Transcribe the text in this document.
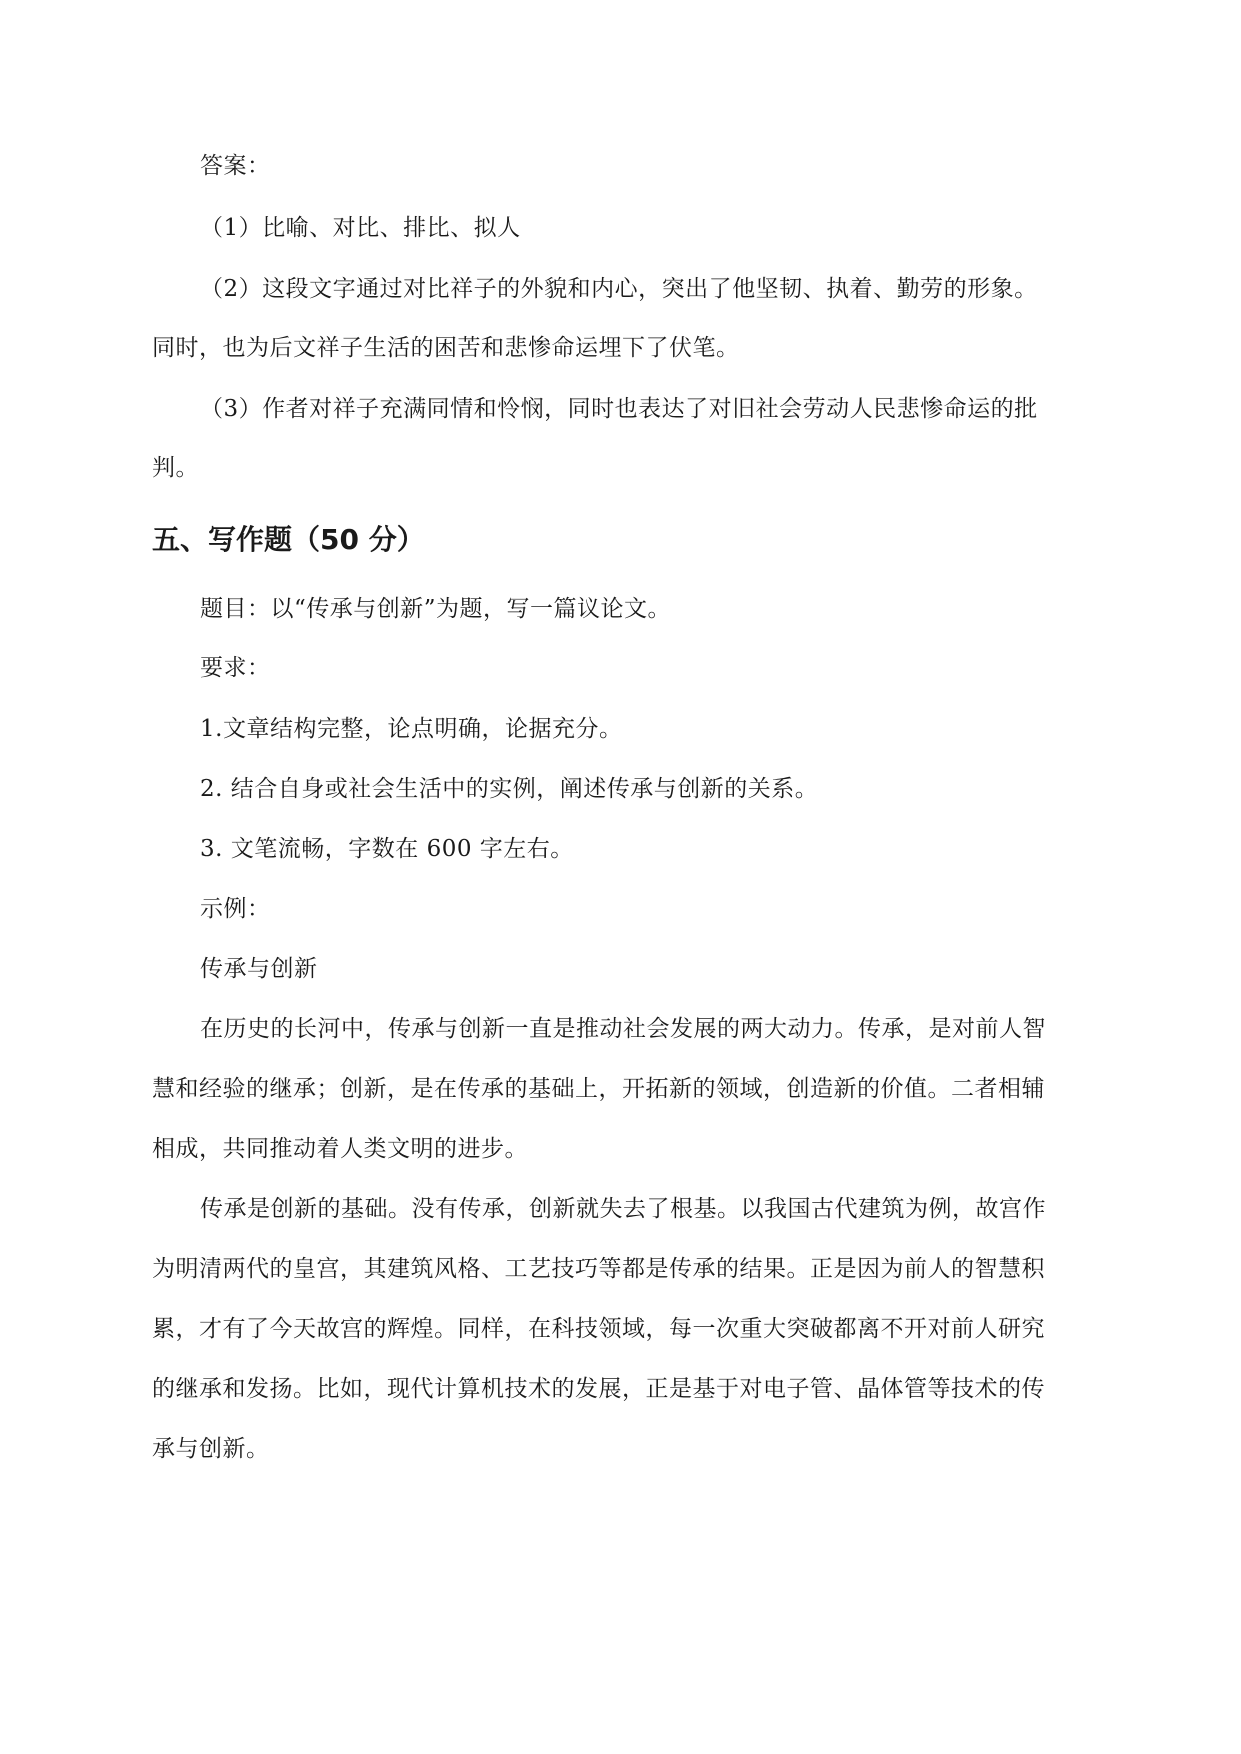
答案：
（1）比喻、对比、排比、拟人
（2）这段文字通过对比祥子的外貌和内心，突出了他坚韧、执着、勤劳的形象。
同时，也为后文祥子生活的困苦和悲惨命运埋下了伏笔。
（3）作者对祥子充满同情和怜悯，同时也表达了对旧社会劳动人民悲惨命运的批
判。
五、写作题（50 分）
题目：以“传承与创新”为题，写一篇议论文。
要求：
1.文章结构完整，论点明确，论据充分。
2. 结合自身或社会生活中的实例，阐述传承与创新的关系。
3. 文笔流畅，字数在 600 字左右。
示例：
传承与创新
在历史的长河中，传承与创新一直是推动社会发展的两大动力。传承，是对前人智
慧和经验的继承；创新，是在传承的基础上，开拓新的领域，创造新的价值。二者相辅
相成，共同推动着人类文明的进步。
传承是创新的基础。没有传承，创新就失去了根基。以我国古代建筑为例，故宫作
为明清两代的皇宫，其建筑风格、工艺技巧等都是传承的结果。正是因为前人的智慧积
累，才有了今天故宫的辉煌。同样，在科技领域，每一次重大突破都离不开对前人研究
的继承和发扬。比如，现代计算机技术的发展，正是基于对电子管、晶体管等技术的传
承与创新。
